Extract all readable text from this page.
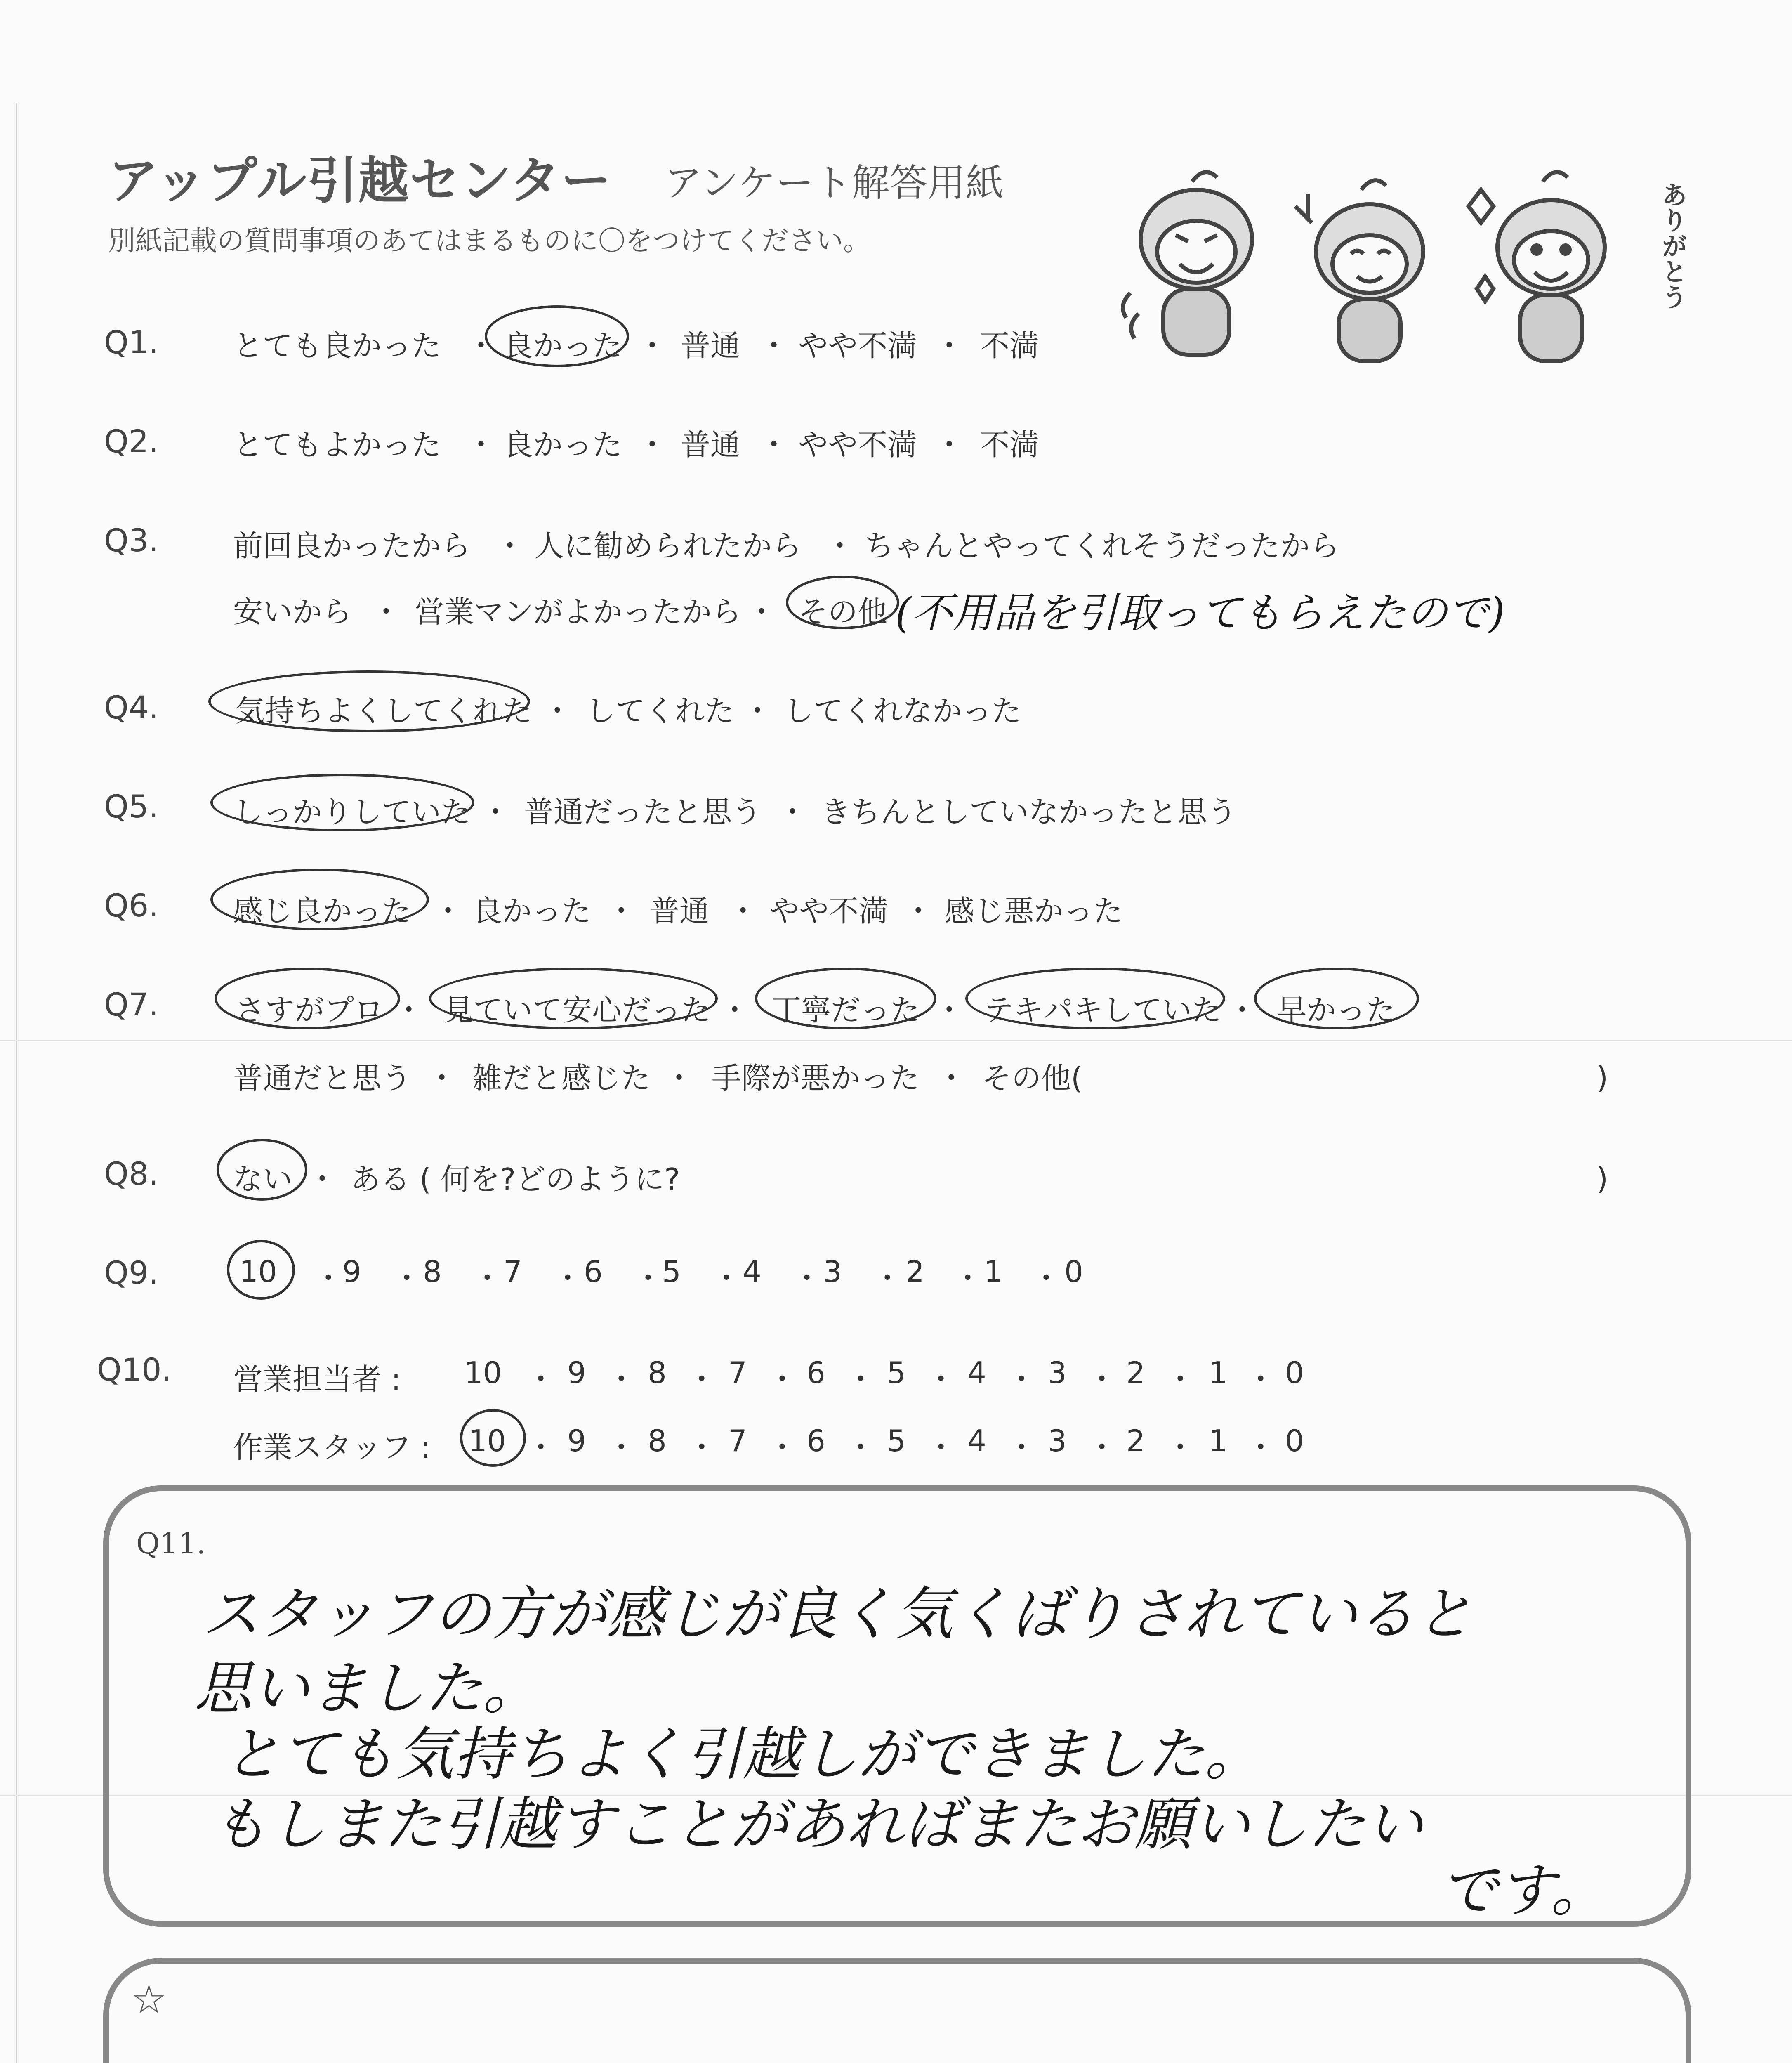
アップル引越センター アンケート解答用紙
別紙記載の質問事項のあてはまるものに〇をつけてください。	ありがとう
Q1.	とても良かった ・ 良かった ・ 普通 ・ やや不満 ・ 不満
Q2.	とてもよかった ・ 良かった ・ 普通 ・ やや不満 ・ 不満
Q3.	前回良かったから ・ 人に勧められたから ・ ちゃんとやってくれそうだったから
安いから ・ 営業マンがよかったから ・ その他 (不用品を引取ってもらえたので)
Q4.	気持ちよくしてくれた ・ してくれた ・ してくれなかった
Q5.	しっかりしていた ・ 普通だったと思う ・ きちんとしていなかったと思う
Q6.	感じ良かった ・ 良かった ・ 普通 ・ やや不満 ・ 感じ悪かった
Q7.	さすがプロ ・ 見ていて安心だった ・ 丁寧だった ・ テキパキしていた ・ 早かった
普通だと思う ・ 雑だと感じた ・ 手際が悪かった ・ その他(	)
Q8.	ない ・ ある ( 何を?どのように?	)
Q9.	10 ・
9 ・ 8 ・ 7 ・ 6 ・
5 ・ 4 ・ 3 ・ 2 ・ 1 ・ 0
Q10. 営業担当者 : 10 ・ 9 ・ 8 ・ 7 ・ 6 ・ 5 ・ 4 ・ 3 ・ 2 ・ 1 ・ 0
作業スタッフ : 10 ・ 9 ・ 8 ・ 7 ・ 6 ・ 5 ・ 4 ・ 3 ・ 2 ・ 1 ・ 0
Q11.
スタッフの方が感じが良く気くばりされていると
思いました。
とても気持ちよく引越しができました。
もしまた引越すことがあればまたお願いしたい
です。
☆
